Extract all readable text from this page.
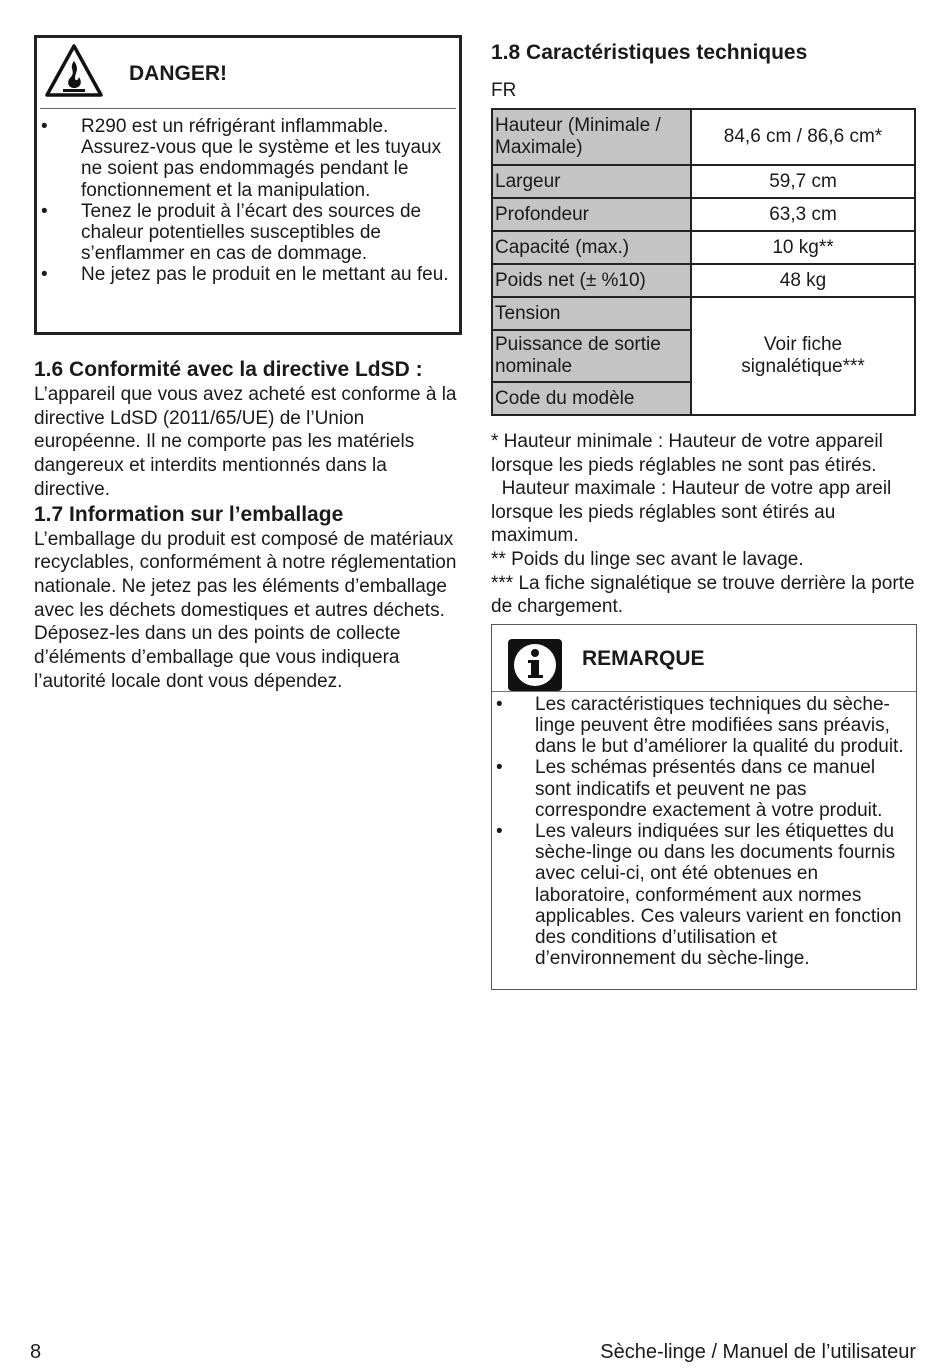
DANGER!
• R290 est un réfrigérant inflammable. Assurez-vous que le système et les tuyaux ne soient pas endommagés pendant le fonctionnement et la manipulation.
• Tenez le produit à l’écart des sources de chaleur potentielles susceptibles de s’enflammer en cas de dommage.
• Ne jetez pas le produit en le mettant au feu.
1.6 Conformité avec la directive LdSD :

L’appareil que vous avez acheté est conforme à la directive LdSD (2011/65/UE) de l’Union européenne. Il ne comporte pas les matériels dangereux et interdits mentionnés dans la directive.

1.7 Information sur l’emballage

L’emballage du produit est composé de matériaux recyclables, conformément à notre réglementation nationale. Ne jetez pas les éléments d’emballage avec les déchets domestiques et autres déchets. Déposez-les dans un des points de collecte d’éléments d’emballage que vous indiquera l’autorité locale dont vous dépendez.

1.8 Caractéristiques techniques
FR
Hauteur (Minimale / Maximale)	84,6 cm / 86,6 cm*
Largeur	59,7 cm
Profondeur	63,3 cm
Capacité (max.)	10 kg**
Poids net (± %10)	48 kg
Tension	Voir fiche signalétique***
Puissance de sortie nominale	
Code du modèle	

* Hauteur minimale : Hauteur de votre appareil lorsque les pieds réglables ne sont pas étirés.

Hauteur maximale : Hauteur de votre app areil lorsque les pieds réglables sont étirés au maximum.

** Poids du linge sec avant le lavage.

*** La fiche signalétique se trouve derrière la porte de chargement.

REMARQUE
• Les caractéristiques techniques du sèche-linge peuvent être modifiées sans préavis, dans le but d’améliorer la qualité du produit.
• Les schémas présentés dans ce manuel sont indicatifs et peuvent ne pas correspondre exactement à votre produit.
• Les valeurs indiquées sur les étiquettes du sèche-linge ou dans les documents fournis avec celui-ci, ont été obtenues en laboratoire, conformément aux normes applicables. Ces valeurs varient en fonction des conditions d’utilisation et d’environnement du sèche-linge.
8	Sèche-linge / Manuel de l’utilisateur
